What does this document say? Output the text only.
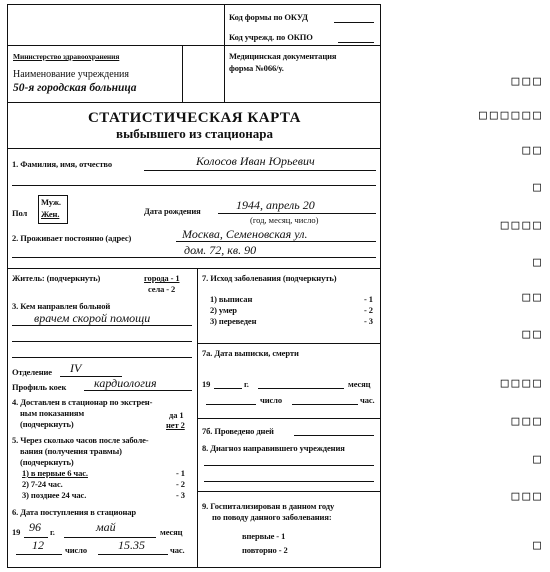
Код формы по ОКУД
Код учрежд. по ОКПО
Министерство здравоохранения
Наименование учреждения
50-я городская больница
Медицинская документация
форма №066/у.
СТАТИСТИЧЕСКАЯ КАРТА
выбывшего из стационара
1. Фамилия, имя, отчество	Колосов Иван Юрьевич
Пол
Муж.
Жен.	Дата рождения	1944, апрель 20
(год, месяц, число)
2. Проживает постоянно (адрес)	Москва, Семеновская ул.
дом. 72, кв. 90
Житель: (подчеркнуть)	города - 1
села - 2
3. Кем направлен больной
врачем скорой помощи
Отделение IV
Профиль коек кардиология
4. Доставлен в стационар по экстрен-
ным показаниям
(подчеркнуть)
да 1
нет 2
5. Через сколько часов после заболе-
вания (получения травмы)
(подчеркнуть)
1) в первые 6 час.	- 1
2) 7-24 час.	- 2
3) позднее 24 час.	- 3
6. Дата поступления в стационар
19 96 г.	май	месяц
12 число	15.35	час.
7. Исход заболевания (подчеркнуть)
1) выписан	- 1
2) умер	- 2
3) переведен	- 3
7а. Дата выписки, смерти
19	г.	месяц
число	час.
7б. Проведено дней
8. Диагноз направившего учреждения
9. Госпитализирован в данном году
по поводу данного заболевания:
впервые - 1
повторно - 2
□□□
□□□□□□
□□
□
□□□□
□
□□
□□
□□□□
□□□
□
□□□
□
